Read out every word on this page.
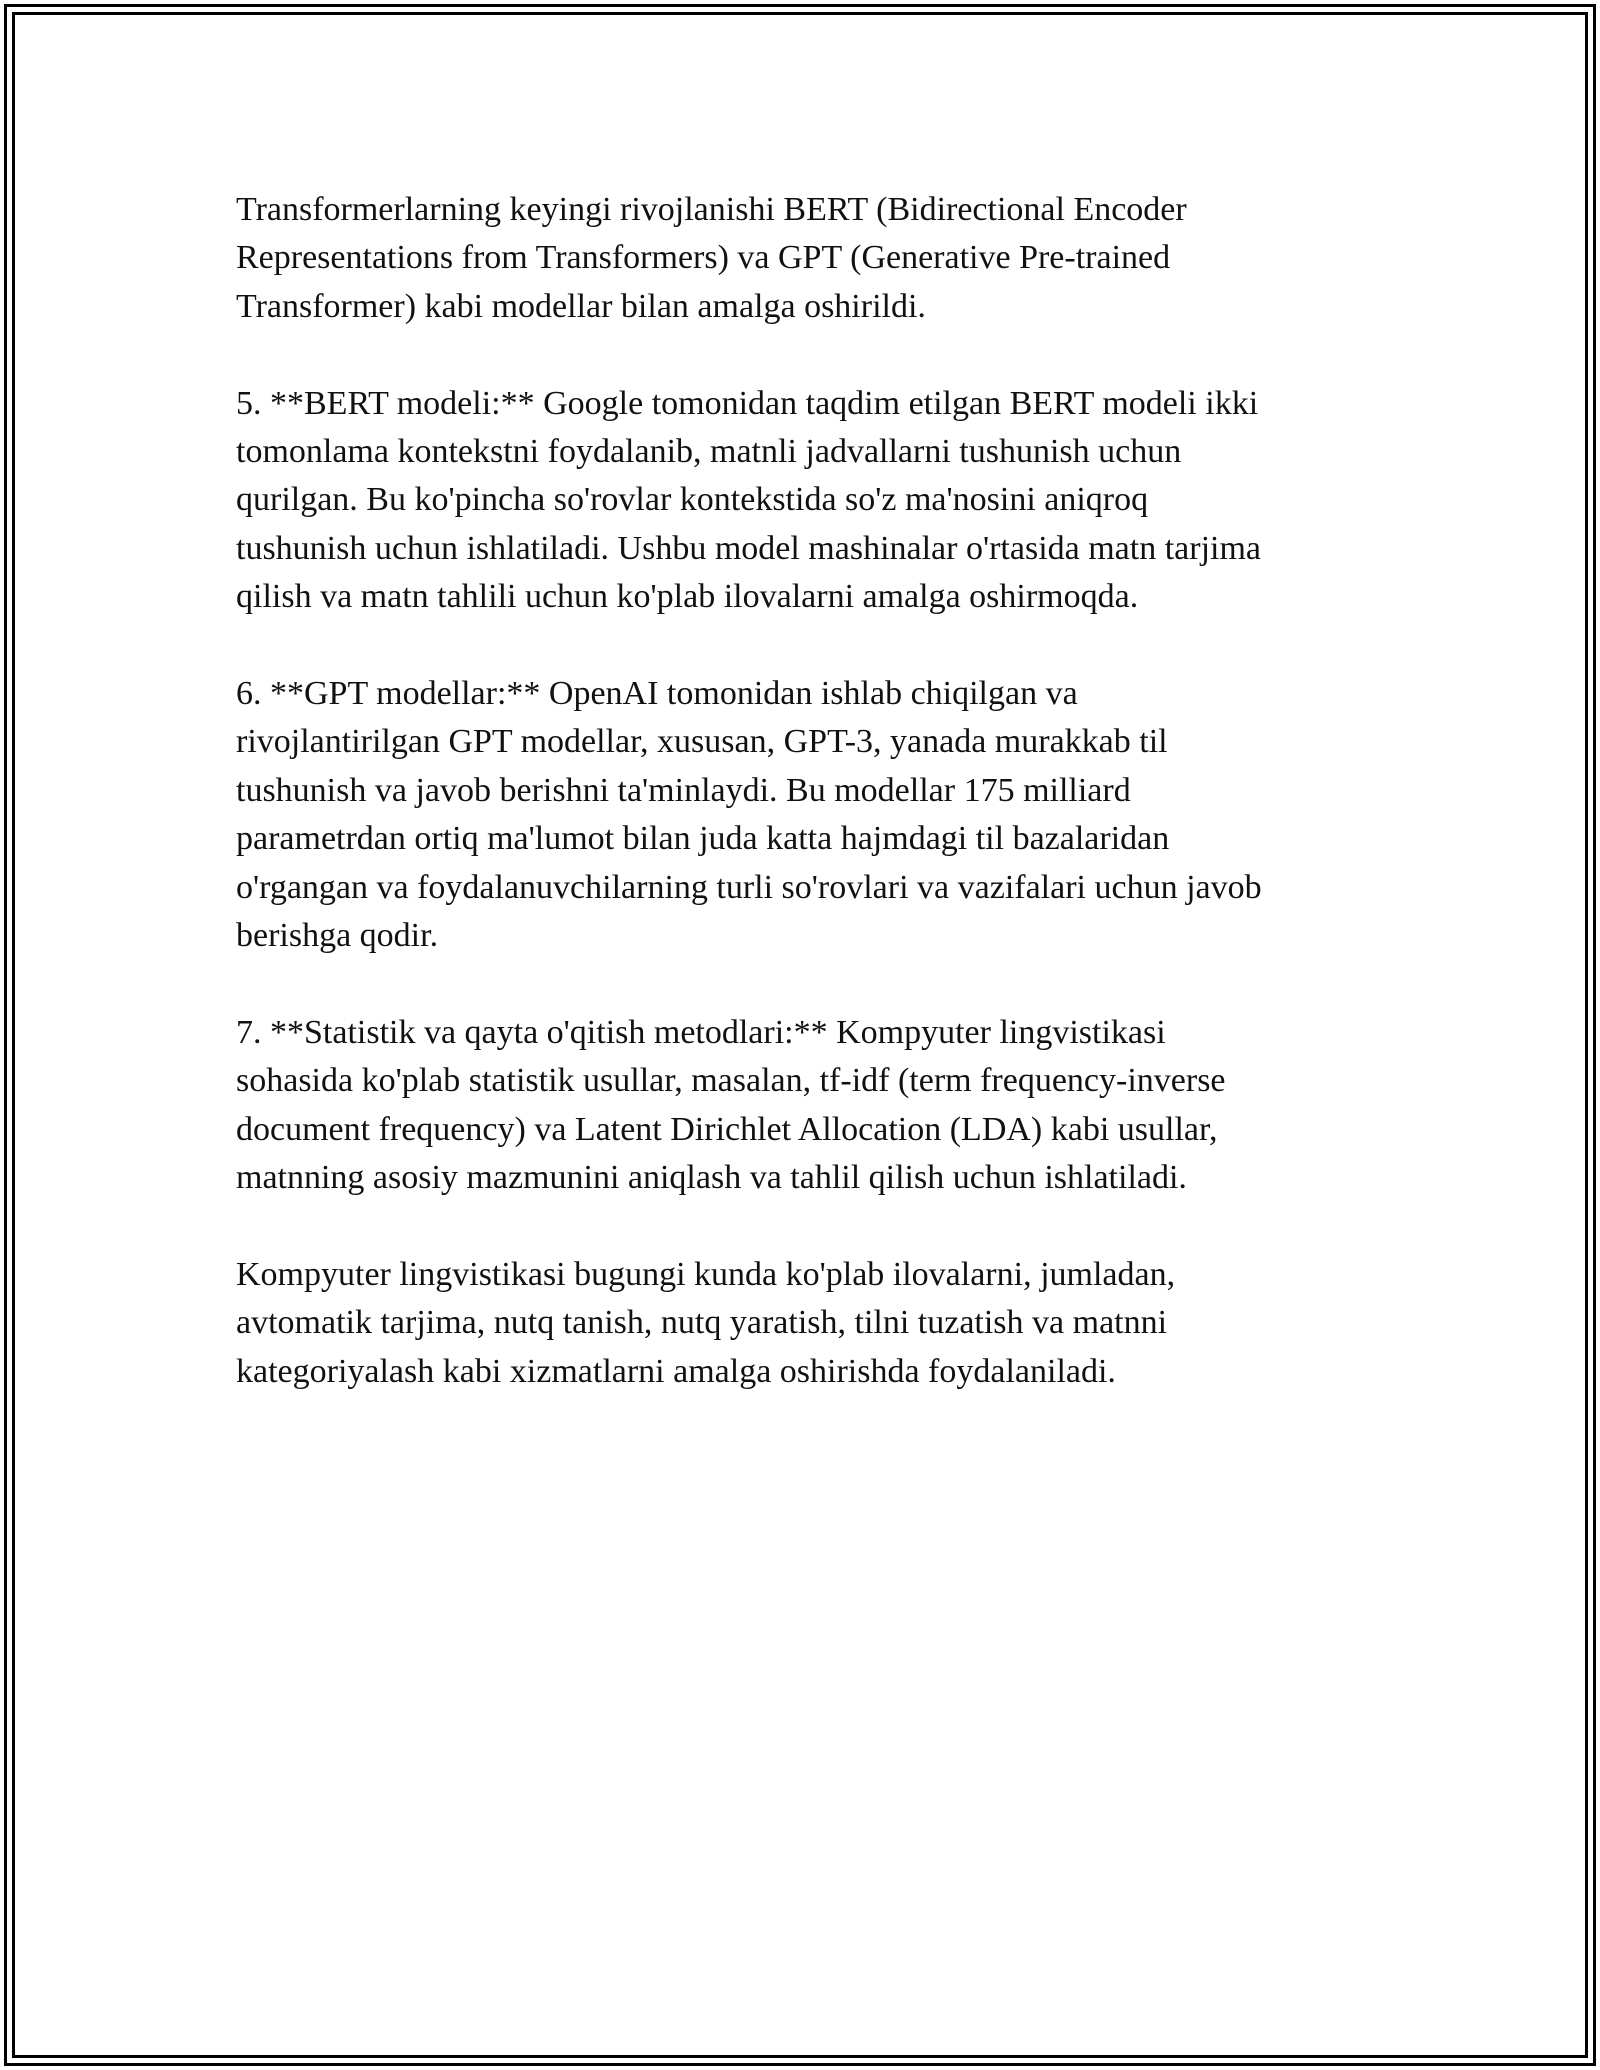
Transformerlarning keyingi rivojlanishi BERT (Bidirectional Encoder
Representations from Transformers) va GPT (Generative Pre-trained
Transformer) kabi modellar bilan amalga oshirildi.

5. **BERT modeli:** Google tomonidan taqdim etilgan BERT modeli ikki
tomonlama kontekstni foydalanib, matnli jadvallarni tushunish uchun
qurilgan. Bu ko'pincha so'rovlar kontekstida so'z ma'nosini aniqroq
tushunish uchun ishlatiladi. Ushbu model mashinalar o'rtasida matn tarjima
qilish va matn tahlili uchun ko'plab ilovalarni amalga oshirmoqda.

6. **GPT modellar:** OpenAI tomonidan ishlab chiqilgan va
rivojlantirilgan GPT modellar, xususan, GPT-3, yanada murakkab til
tushunish va javob berishni ta'minlaydi. Bu modellar 175 milliard
parametrdan ortiq ma'lumot bilan juda katta hajmdagi til bazalaridan
o'rgangan va foydalanuvchilarning turli so'rovlari va vazifalari uchun javob
berishga qodir.

7. **Statistik va qayta o'qitish metodlari:** Kompyuter lingvistikasi
sohasida ko'plab statistik usullar, masalan, tf-idf (term frequency-inverse
document frequency) va Latent Dirichlet Allocation (LDA) kabi usullar,
matnning asosiy mazmunini aniqlash va tahlil qilish uchun ishlatiladi.

Kompyuter lingvistikasi bugungi kunda ko'plab ilovalarni, jumladan,
avtomatik tarjima, nutq tanish, nutq yaratish, tilni tuzatish va matnni
kategoriyalash kabi xizmatlarni amalga oshirishda foydalaniladi.
